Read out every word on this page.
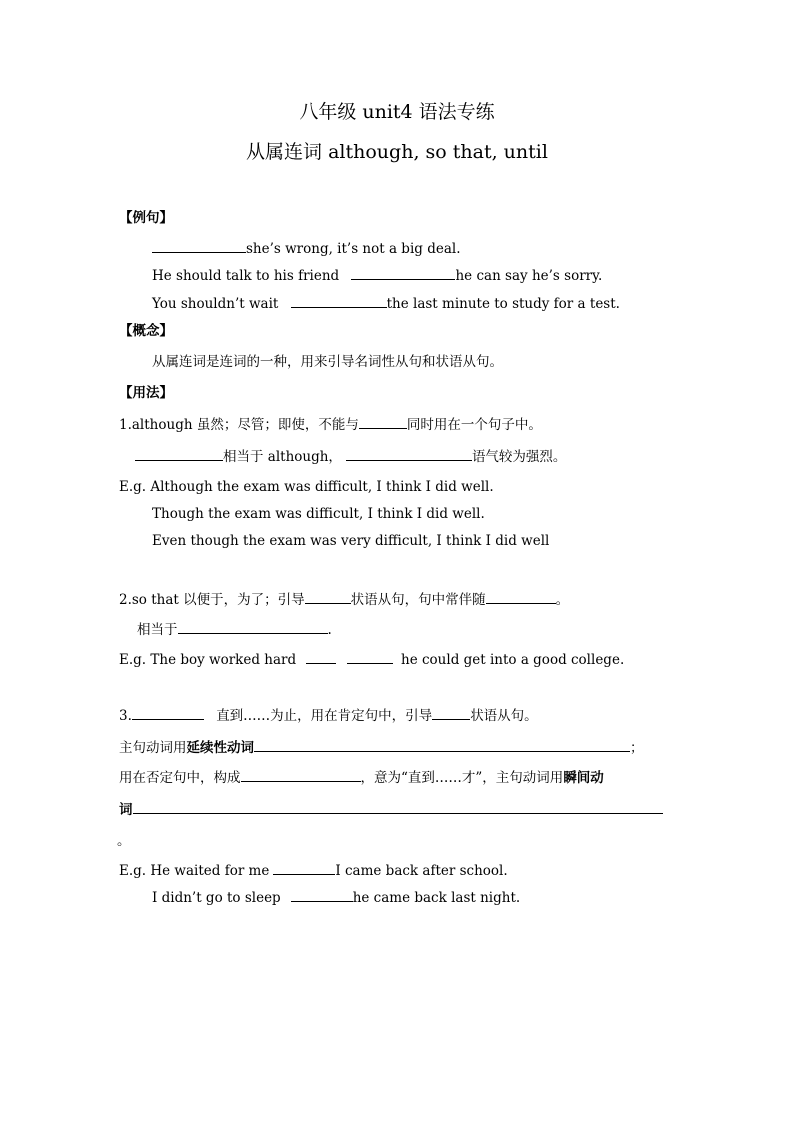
八年级 unit4 语法专练
从属连词 although, so that, until
【例句】
she’s wrong, it’s not a big deal.
He should talk to his friend	he can say he’s sorry.
You shouldn’t wait	the last minute to study for a test.
【概念】
从属连词是连词的一种，用来引导名词性从句和状语从句。
【用法】
1.although 虽然；尽管；即使，不能与	同时用在一个句子中。
相当于 although，	语气较为强烈。
E.g. Although the exam was difficult, I think I did well.
Though the exam was difficult, I think I did well.
Even though the exam was very difficult, I think I did well
2.so that 以便于，为了；引导	状语从句，句中常伴随	。
相当于	.
E.g. The boy worked hard	he could get into a good college.
3.	直到……为止，用在肯定句中，引导	状语从句。
主句动词用延续性动词	；
用在否定句中，构成	，意为“直到……才”，主句动词用瞬间动
词
。
E.g. He waited for me	I came back after school.
I didn’t go to sleep	he came back last night.
